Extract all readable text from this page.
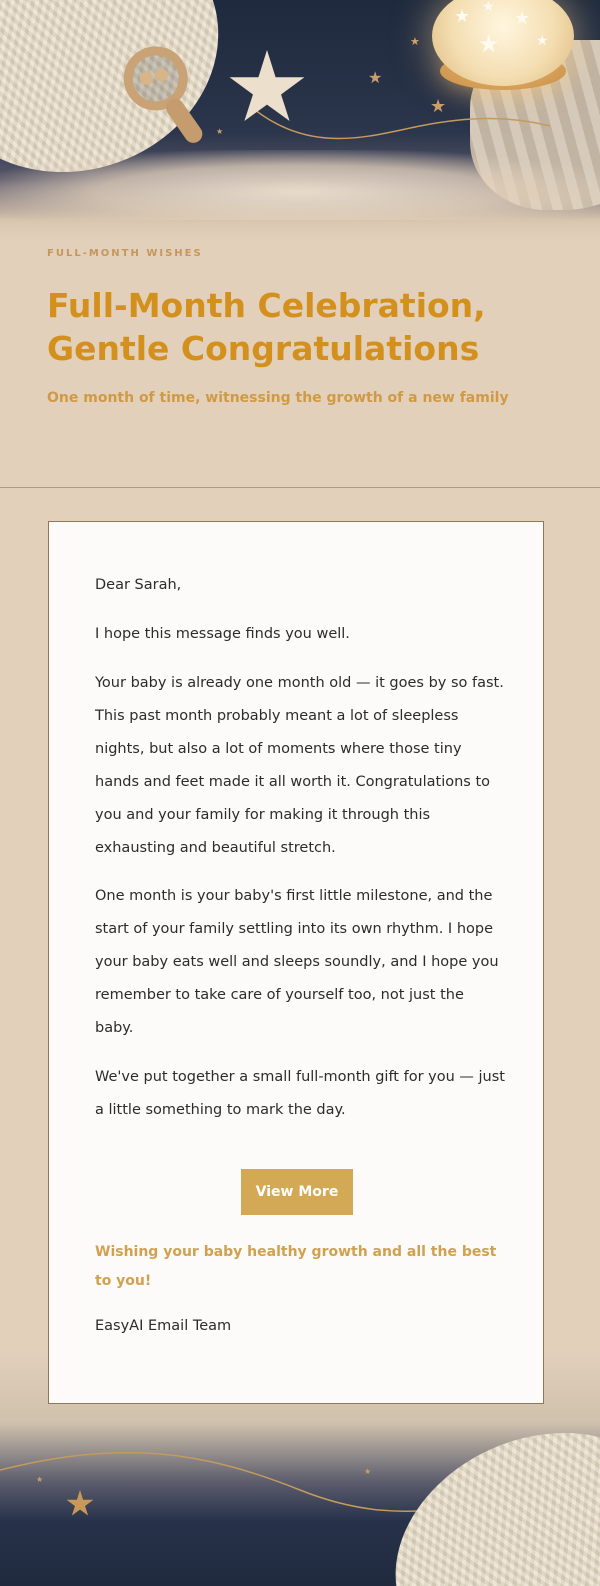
★
★
★
★
★ ★
★
★	★

FULL-MONTH WISHES

Full-Month Celebration, Gentle Congratulations

One month of time, witnessing the growth of a new family

★
★

Dear Sarah,

I hope this message finds you well.

Your baby is already one month old — it goes by so fast. This past month probably meant a lot of sleepless nights, but also a lot of moments where those tiny hands and feet made it all worth it. Congratulations to you and your family for making it through this exhausting and beautiful stretch.

One month is your baby's first little milestone, and the start of your family settling into its own rhythm. I hope your baby eats well and sleeps soundly, and I hope you remember to take care of yourself too, not just the baby.

We've put together a small full-month gift for you — just a little something to mark the day.

View More

Wishing your baby healthy growth and all the best to you!

EasyAI Email Team
